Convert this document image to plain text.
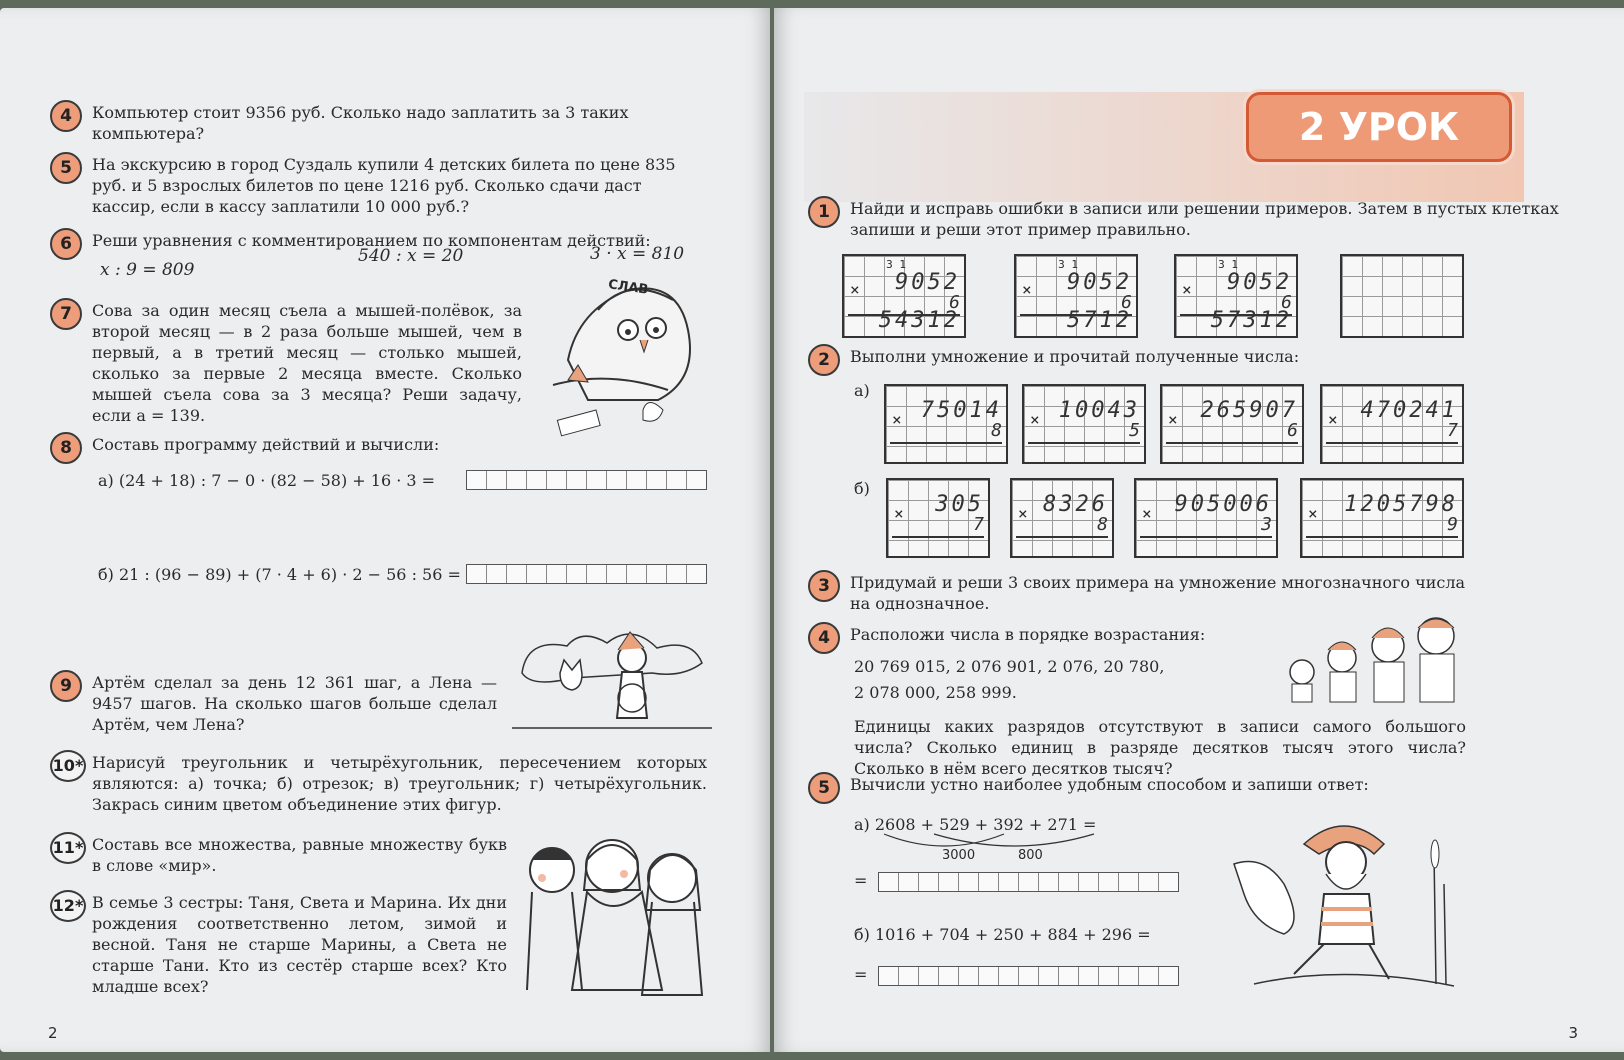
4	Компьютер стоит 9356 руб. Сколько надо заплатить за 3 таких компьютера?
5	На экскурсию в город Суздаль купили 4 детских билета по цене 835 руб. и 5 взрослых билетов по цене 1216 руб. Сколько сдачи даст кассир, если в кассу заплатили 10 000 руб.?
6	Реши уравнения с комментированием по компонентам действий:
x : 9 = 809
540 : x = 20	3 · x = 810
7	Сова за один месяц съела a мышей-полёвок, за второй месяц — в 2 раза больше мышей, чем в первый, а в третий месяц — столько мышей, сколько за первые 2 месяца вместе. Сколько мышей съела сова за 3 месяца? Реши задачу, если a = 139.
СЛАВ
8	Составь программу действий и вычисли:
а) (24 + 18) : 7 − 0 · (82 − 58) + 16 · 3 =
б) 21 : (96 − 89) + (7 · 4 + 6) · 2 − 56 : 56 =
9	Артём сделал за день 12 361 шаг, а Лена — 9457 шагов. На сколько шагов больше сделал Артём, чем Лена?
10* Нарисуй треугольник и четырёхугольник, пересечением которых являются: а) точка; б) отрезок; в) треугольник; г) четырёхугольник. Закрась синим цветом объединение этих фигур.
11* Составь все множества, равные множеству букв в слове «мир».
12* В семье 3 сестры: Таня, Света и Марина. Их дни рождения соответственно летом, зимой и весной. Таня не старше Марины, а Света не старше Тани. Кто из сестёр старше всех? Кто младше всех?
2
2 УРОК
1	Найди и исправь ошибки в записи или решении примеров. Затем в пустых клетках запиши и реши этот пример правильно.
3 1
× 9052
6
54312
3 1
× 9052
6
5712
3 1
× 9052
6
57312
2	Выполни умножение и прочитай полученные числа:
а)
× 75014
8
× 10043
5
× 265907
6
× 470241
7
б)
× 305
7
× 8326
8
× 905006
3
× 1205798
9
3	Придумай и реши 3 своих примера на умножение многозначного числа на однозначное.
4	Расположи числа в порядке возрастания:
20 769 015, 2 076 901, 2 076, 20 780,
2 078 000, 258 999.
Единицы каких разрядов отсутствуют в записи самого большого числа? Сколько единиц в разряде десятков тысяч этого числа? Сколько в нём всего десятков тысяч?
5	Вычисли устно наиболее удобным способом и запиши ответ:
а) 2608 + 529 + 392 + 271 =
3000	800
=
б) 1016 + 704 + 250 + 884 + 296 =
=
3
